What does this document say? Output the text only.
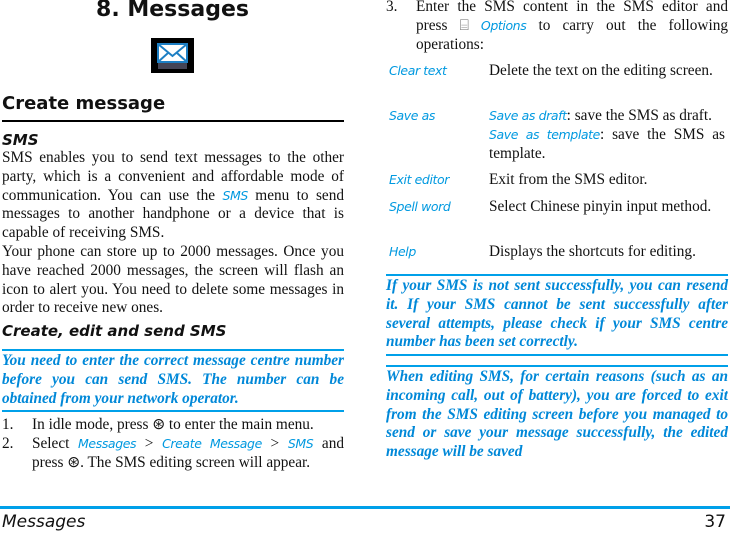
8. Messages
Create message
SMS
SMS enables you to send text messages to the other party, which is a convenient and affordable mode of communication. You can use the SMS menu to send messages to another handphone or a device that is capable of receiving SMS.
Your phone can store up to 2000 messages. Once you have reached 2000 messages, the screen will flash an icon to alert you. You need to delete some messages in order to receive new ones.
Create, edit and send SMS
You need to enter the correct message centre number before you can send SMS. The number can be obtained from your network operator.
1.	In idle mode, press ⊛ to enter the main menu.
2.	Select Messages > Create Message > SMS and press ⊛. The SMS editing screen will appear.
3.	Enter the SMS content in the SMS editor and press ⌸ Options to carry out the following operations:
Clear text	Delete the text on the editing screen.
Save as	Save as draft: save the SMS as draft.
Save as template: save the SMS as template.
Exit editor	Exit from the SMS editor.
Spell word	Select Chinese pinyin input method.
Help	Displays the shortcuts for editing.
If your SMS is not sent successfully, you can resend it. If your SMS cannot be sent successfully after several attempts, please check if your SMS centre number has been set correctly.
When editing SMS, for certain reasons (such as an incoming call, out of battery), you are forced to exit from the SMS editing screen before you managed to send or save your message successfully, the edited message will be saved
Messages	37
